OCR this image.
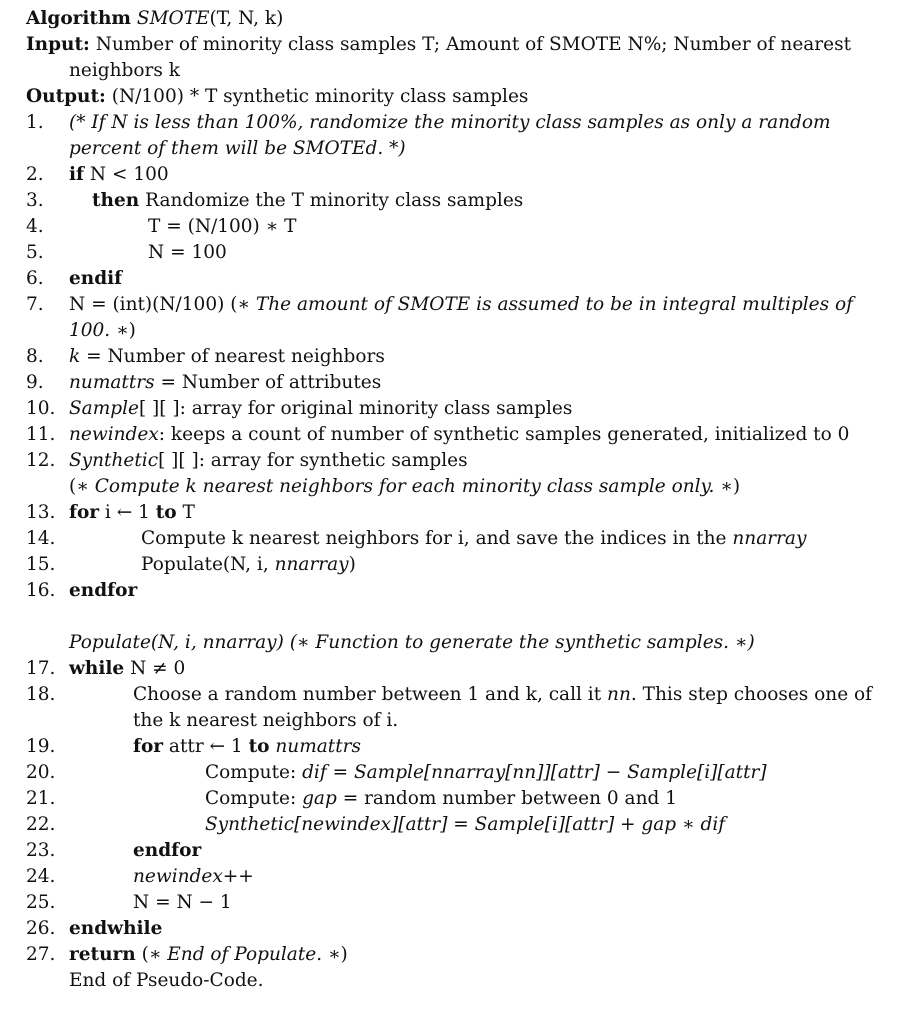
Algorithm SMOTE(T, N, k)
Input: Number of minority class samples T; Amount of SMOTE N%; Number of nearest
neighbors k
Output: (N/100) * T synthetic minority class samples
1. (* If N is less than 100%, randomize the minority class samples as only a random
percent of them will be SMOTEd. *)
2. if N < 100
3.	then Randomize the T minority class samples
4.	T = (N/100) ∗ T
5.	N = 100
6. endif
7. N = (int)(N/100) (∗ The amount of SMOTE is assumed to be in integral multiples of
100. ∗)
8. k = Number of nearest neighbors
9. numattrs = Number of attributes
10. Sample[ ][ ]: array for original minority class samples
11. newindex: keeps a count of number of synthetic samples generated, initialized to 0
12. Synthetic[ ][ ]: array for synthetic samples
(∗ Compute k nearest neighbors for each minority class sample only. ∗)
13. for i ← 1 to T
14.	Compute k nearest neighbors for i, and save the indices in the nnarray
15.	Populate(N, i, nnarray)
16. endfor
Populate(N, i, nnarray) (∗ Function to generate the synthetic samples. ∗)
17. while N ≠ 0
18.	Choose a random number between 1 and k, call it nn. This step chooses one of
the k nearest neighbors of i.
19.	for attr ← 1 to numattrs
20.	Compute: dif = Sample[nnarray[nn]][attr] − Sample[i][attr]
21.	Compute: gap = random number between 0 and 1
22.	Synthetic[newindex][attr] = Sample[i][attr] + gap ∗ dif
23.	endfor
24.	newindex++
25.	N = N − 1
26. endwhile
27. return (∗ End of Populate. ∗)
End of Pseudo-Code.
